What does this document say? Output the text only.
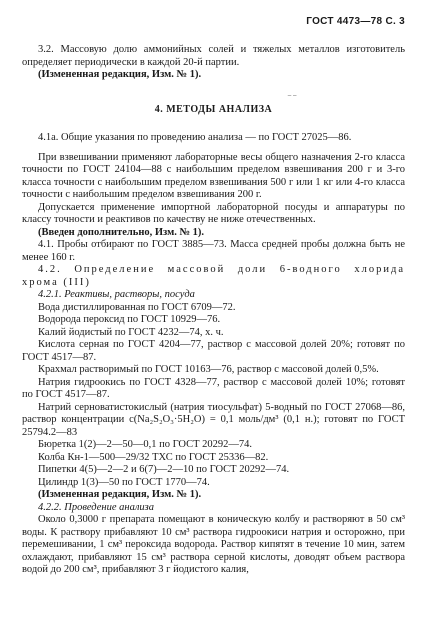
ГОСТ 4473—78 С. 3
‾ ‾

3.2. Массовую долю аммонийных солей и тяжелых металлов изготовитель определяет периодически в каждой 20-й партии.

(Измененная редакция, Изм. № 1).

4. МЕТОДЫ АНАЛИЗА

4.1а. Общие указания по проведению анализа — по ГОСТ 27025—86.

При взвешивании применяют лабораторные весы общего назначения 2-го класса точности по ГОСТ 24104—88 с наибольшим пределом взвешивания 200 г и 3-го класса точности с наибольшим пределом взвешивания 500 г или 1 кг или 4-го класса точности с наибольшим пределом взвешивания 200 г.

Допускается применение импортной лабораторной посуды и аппаратуры по классу точности и реактивов по качеству не ниже отечественных.

(Введен дополнительно, Изм. № 1).

4.1. Пробы отбирают по ГОСТ 3885—73. Масса средней пробы должна быть не менее 160 г.

4.2. Определение массовой доли 6-водного хлорида хрома (III)

4.2.1. Реактивы, растворы, посуда

Вода дистиллированная по ГОСТ 6709—72.

Водорода пероксид по ГОСТ 10929—76.

Калий йодистый по ГОСТ 4232—74, х. ч.

Кислота серная по ГОСТ 4204—77, раствор с массовой долей 20%; готовят по ГОСТ 4517—87.

Крахмал растворимый по ГОСТ 10163—76, раствор с массовой долей 0,5%.

Натрия гидроокись по ГОСТ 4328—77, раствор с массовой долей 10%; готовят по ГОСТ 4517—87.

Натрий серноватистокислый (натрия тиосульфат) 5-водный по ГОСТ 27068—86, раствор концентрации с(Na₂S₂O₃·5H₂O) = 0,1 моль/дм³ (0,1 н.); готовят по ГОСТ 25794.2—83

Бюретка 1(2)—2—50—0,1 по ГОСТ 20292—74.

Колба Кн-1—500—29/32 ТХС по ГОСТ 25336—82.

Пипетки 4(5)—2—2 и 6(7)—2—10 по ГОСТ 20292—74.

Цилиндр 1(3)—50 по ГОСТ 1770—74.

(Измененная редакция, Изм. № 1).

4.2.2. Проведение анализа

Около 0,3000 г препарата помещают в коническую колбу и растворяют в 50 см³ воды. К раствору прибавляют 10 см³ раствора гидроокиси натрия и осторожно, при перемешивании, 1 см³ пероксида водорода. Раствор кипятят в течение 10 мин, затем охлаждают, прибавляют 15 см³ раствора серной кислоты, доводят объем раствора водой до 200 см³, прибавляют 3 г йодистого калия,
